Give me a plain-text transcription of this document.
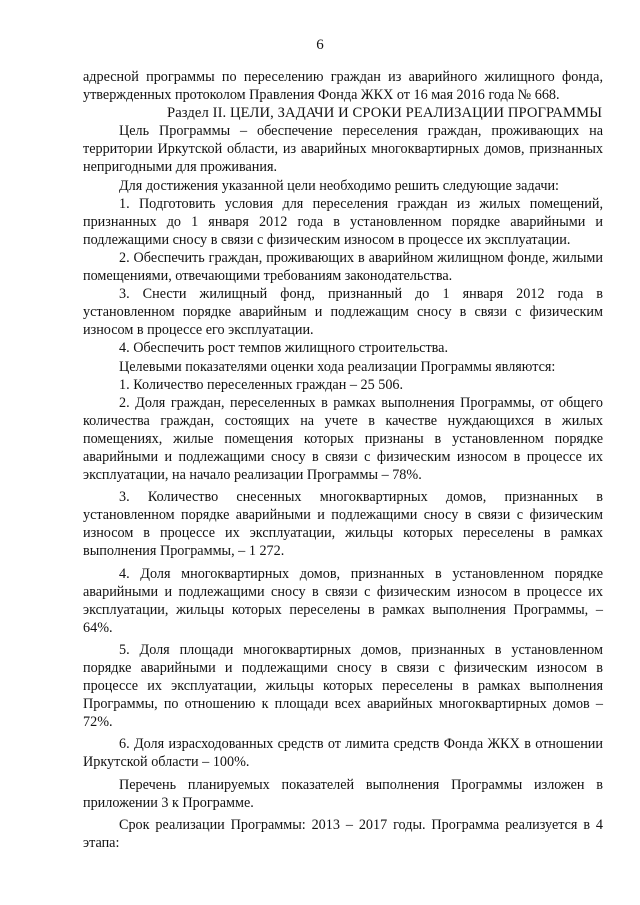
6

адресной программы по переселению граждан из аварийного жилищного фонда, утвержденных протоколом Правления Фонда ЖКХ от 16 мая 2016 года № 668.

Раздел II. ЦЕЛИ, ЗАДАЧИ И СРОКИ РЕАЛИЗАЦИИ ПРОГРАММЫ

Цель Программы – обеспечение переселения граждан, проживающих на территории Иркутской области, из аварийных многоквартирных домов, признанных непригодными для проживания.

Для достижения указанной цели необходимо решить следующие задачи:

1. Подготовить условия для переселения граждан из жилых помещений, признанных до 1 января 2012 года в установленном порядке аварийными и подлежащими сносу в связи с физическим износом в процессе их эксплуатации.

2. Обеспечить граждан, проживающих в аварийном жилищном фонде, жилыми помещениями, отвечающими требованиям законодательства.

3. Снести жилищный фонд, признанный до 1 января 2012 года в установленном порядке аварийным и подлежащим сносу в связи с физическим износом в процессе его эксплуатации.

4. Обеспечить рост темпов жилищного строительства.

Целевыми показателями оценки хода реализации Программы являются:

1. Количество переселенных граждан – 25 506.

2. Доля граждан, переселенных в рамках выполнения Программы, от общего количества граждан, состоящих на учете в качестве нуждающихся в жилых помещениях, жилые помещения которых признаны в установленном порядке аварийными и подлежащими сносу в связи с физическим износом в процессе их эксплуатации, на начало реализации Программы – 78%.

3. Количество снесенных многоквартирных домов, признанных в установленном порядке аварийными и подлежащими сносу в связи с физическим износом в процессе их эксплуатации, жильцы которых переселены в рамках выполнения Программы, – 1 272.

4. Доля многоквартирных домов, признанных в установленном порядке аварийными и подлежащими сносу в связи с физическим износом в процессе их эксплуатации, жильцы которых переселены в рамках выполнения Программы, – 64%.

5. Доля площади многоквартирных домов, признанных в установленном порядке аварийными и подлежащими сносу в связи с физическим износом в процессе их эксплуатации, жильцы которых переселены в рамках выполнения Программы, по отношению к площади всех аварийных многоквартирных домов – 72%.

6. Доля израсходованных средств от лимита средств Фонда ЖКХ в отношении Иркутской области – 100%.

Перечень планируемых показателей выполнения Программы изложен в приложении 3 к Программе.

Срок реализации Программы: 2013 – 2017 годы. Программа реализуется в 4 этапа:
